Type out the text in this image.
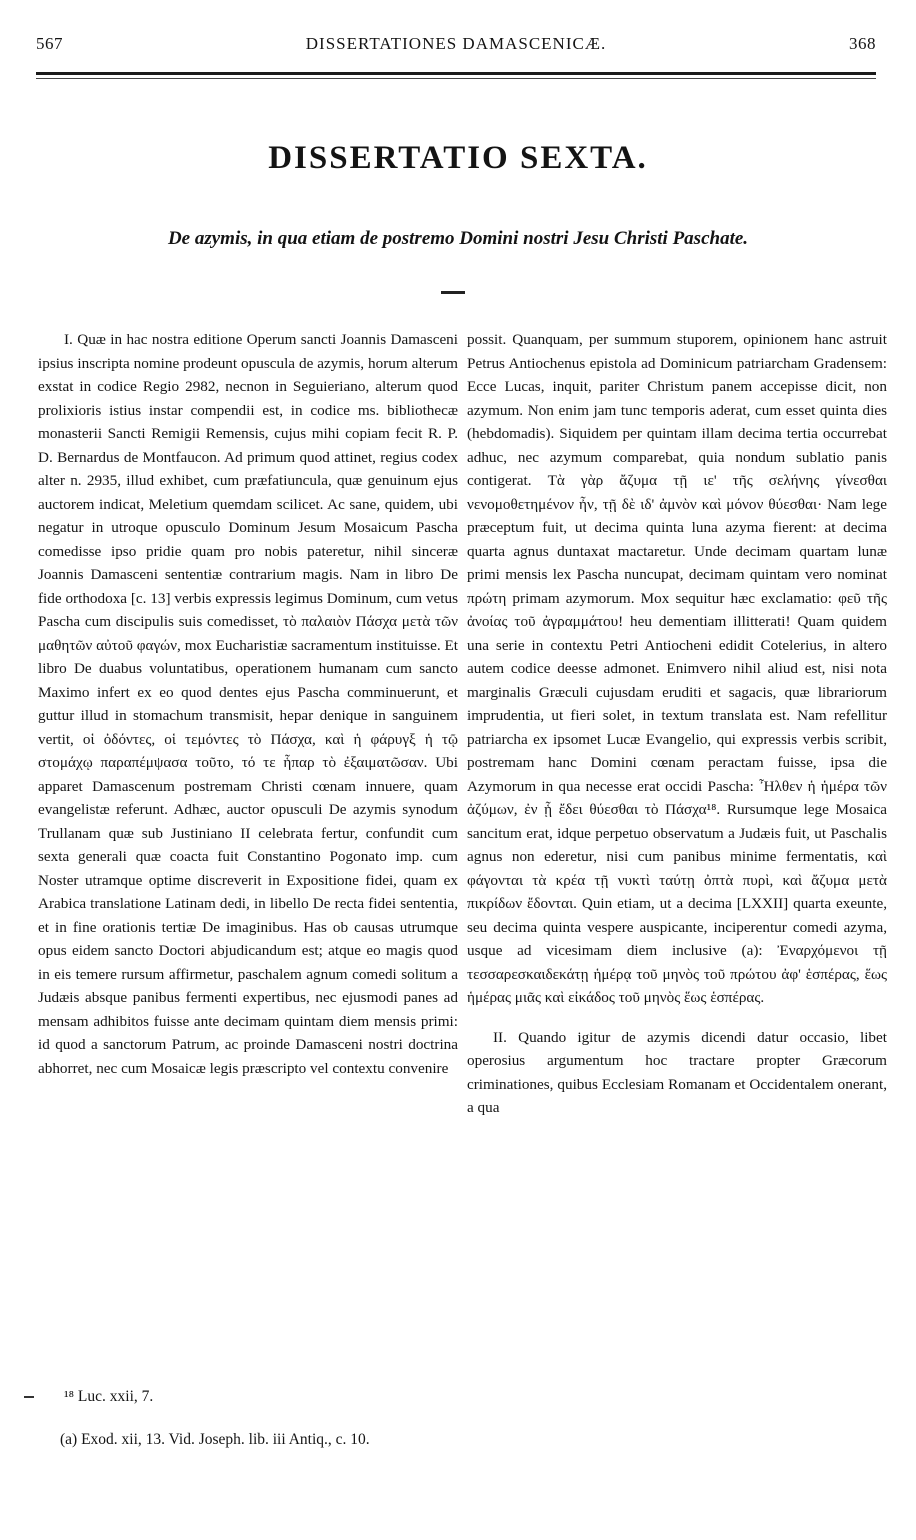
567	DISSERTATIONES DAMASCENICÆ.	368
DISSERTATIO SEXTA.
De azymis, in qua etiam de postremo Domini nostri Jesu Christi Paschate.

I. Quæ in hac nostra editione Operum sancti Joannis Damasceni ipsius inscripta nomine prodeunt opuscula de azymis, horum alterum exstat in codice Regio 2982, necnon in Seguieriano, alterum quod prolixioris istius instar compendii est, in codice ms. bibliothecæ monasterii Sancti Remigii Remensis, cujus mihi copiam fecit R. P. D. Bernardus de Montfaucon. Ad primum quod attinet, regius codex alter n. 2935, illud exhibet, cum præfatiuncula, quæ genuinum ejus auctorem indicat, Meletium quemdam scilicet. Ac sane, quidem, ubi negatur in utroque opusculo Dominum Jesum Mosaicum Pascha comedisse ipso pridie quam pro nobis pateretur, nihil sinceræ Joannis Damasceni sententiæ contrarium magis. Nam in libro De fide orthodoxa [c. 13] verbis expressis legimus Dominum, cum vetus Pascha cum discipulis suis comedisset, τὸ παλαιὸν Πάσχα μετὰ τῶν μαθητῶν αὐτοῦ φαγών, mox Eucharistiæ sacramentum instituisse. Et libro De duabus voluntatibus, operationem humanam cum sancto Maximo infert ex eo quod dentes ejus Pascha comminuerunt, et guttur illud in stomachum transmisit, hepar denique in sanguinem vertit, οἱ ὀδόντες, οἱ τεμόντες τὸ Πάσχα, καὶ ἡ φάρυγξ ἡ τῷ στομάχῳ παραπέμψασα τοῦτο, τό τε ἧπαρ τὸ ἐξαιματῶσαν. Ubi apparet Damascenum postremam Christi cœnam innuere, quam evangelistæ referunt. Adhæc, auctor opusculi De azymis synodum Trullanam quæ sub Justiniano II celebrata fertur, confundit cum sexta generali quæ coacta fuit Constantino Pogonato imp. cum Noster utramque optime discreverit in Expositione fidei, quam ex Arabica translatione Latinam dedi, in libello De recta fidei sententia, et in fine orationis tertiæ De imaginibus. Has ob causas utrumque opus eidem sancto Doctori abjudicandum est; atque eo magis quod in eis temere rursum affirmetur, paschalem agnum comedi solitum a Judæis absque panibus fermenti expertibus, nec ejusmodi panes ad mensam adhibitos fuisse ante decimam quintam diem mensis primi: id quod a sanctorum Patrum, ac proinde Damasceni nostri doctrina abhorret, nec cum Mosaicæ legis præscripto vel contextu convenire

possit. Quanquam, per summum stuporem, opinionem hanc astruit Petrus Antiochenus epistola ad Dominicum patriarcham Gradensem: Ecce Lucas, inquit, pariter Christum panem accepisse dicit, non azymum. Non enim jam tunc temporis aderat, cum esset quinta dies (hebdomadis). Siquidem per quintam illam decima tertia occurrebat adhuc, nec azymum comparebat, quia nondum sublatio panis contigerat. Τὰ γὰρ ἄζυμα τῇ ιε' τῆς σελήνης γίνεσθαι νενομοθετημένον ἦν, τῇ δὲ ιδ' ἀμνὸν καὶ μόνον θύεσθαι· Nam lege præceptum fuit, ut decima quinta luna azyma fierent: at decima quarta agnus duntaxat mactaretur. Unde decimam quartam lunæ primi mensis lex Pascha nuncupat, decimam quintam vero nominat πρώτη primam azymorum. Mox sequitur hæc exclamatio: φεῦ τῆς ἀνοίας τοῦ ἀγραμμάτου! heu dementiam illitterati! Quam quidem una serie in contextu Petri Antiocheni edidit Cotelerius, in altero autem codice deesse admonet. Enimvero nihil aliud est, nisi nota marginalis Græculi cujusdam eruditi et sagacis, quæ librariorum imprudentia, ut fieri solet, in textum translata est. Nam refellitur patriarcha ex ipsomet Lucæ Evangelio, qui expressis verbis scribit, postremam hanc Domini cœnam peractam fuisse, ipsa die Azymorum in qua necesse erat occidi Pascha: Ἦλθεν ἡ ἡμέρα τῶν ἀζύμων, ἐν ᾗ ἔδει θύεσθαι τὸ Πάσχα¹⁸. Rursumque lege Mosaica sancitum erat, idque perpetuo observatum a Judæis fuit, ut Paschalis agnus non ederetur, nisi cum panibus minime fermentatis, καὶ φάγονται τὰ κρέα τῇ νυκτὶ ταύτῃ ὀπτὰ πυρὶ, καὶ ἄζυμα μετὰ πικρίδων ἔδονται. Quin etiam, ut a decima [LXXII] quarta exeunte, seu decima quinta vespere auspicante, inciperentur comedi azyma, usque ad vicesimam diem inclusive (a): Ἐναρχόμενοι τῇ τεσσαρεσκαιδεκάτῃ ἡμέρᾳ τοῦ μηνὸς τοῦ πρώτου ἀφ' ἑσπέρας, ἕως ἡμέρας μιᾶς καὶ εἰκάδος τοῦ μηνὸς ἕως ἑσπέρας.

II. Quando igitur de azymis dicendi datur occasio, libet operosius argumentum hoc tractare propter Græcorum criminationes, quibus Ecclesiam Romanam et Occidentalem onerant, a qua

¹⁸ Luc. xxii, 7.
(a) Exod. xii, 13. Vid. Joseph. lib. iii Antiq., c. 10.
